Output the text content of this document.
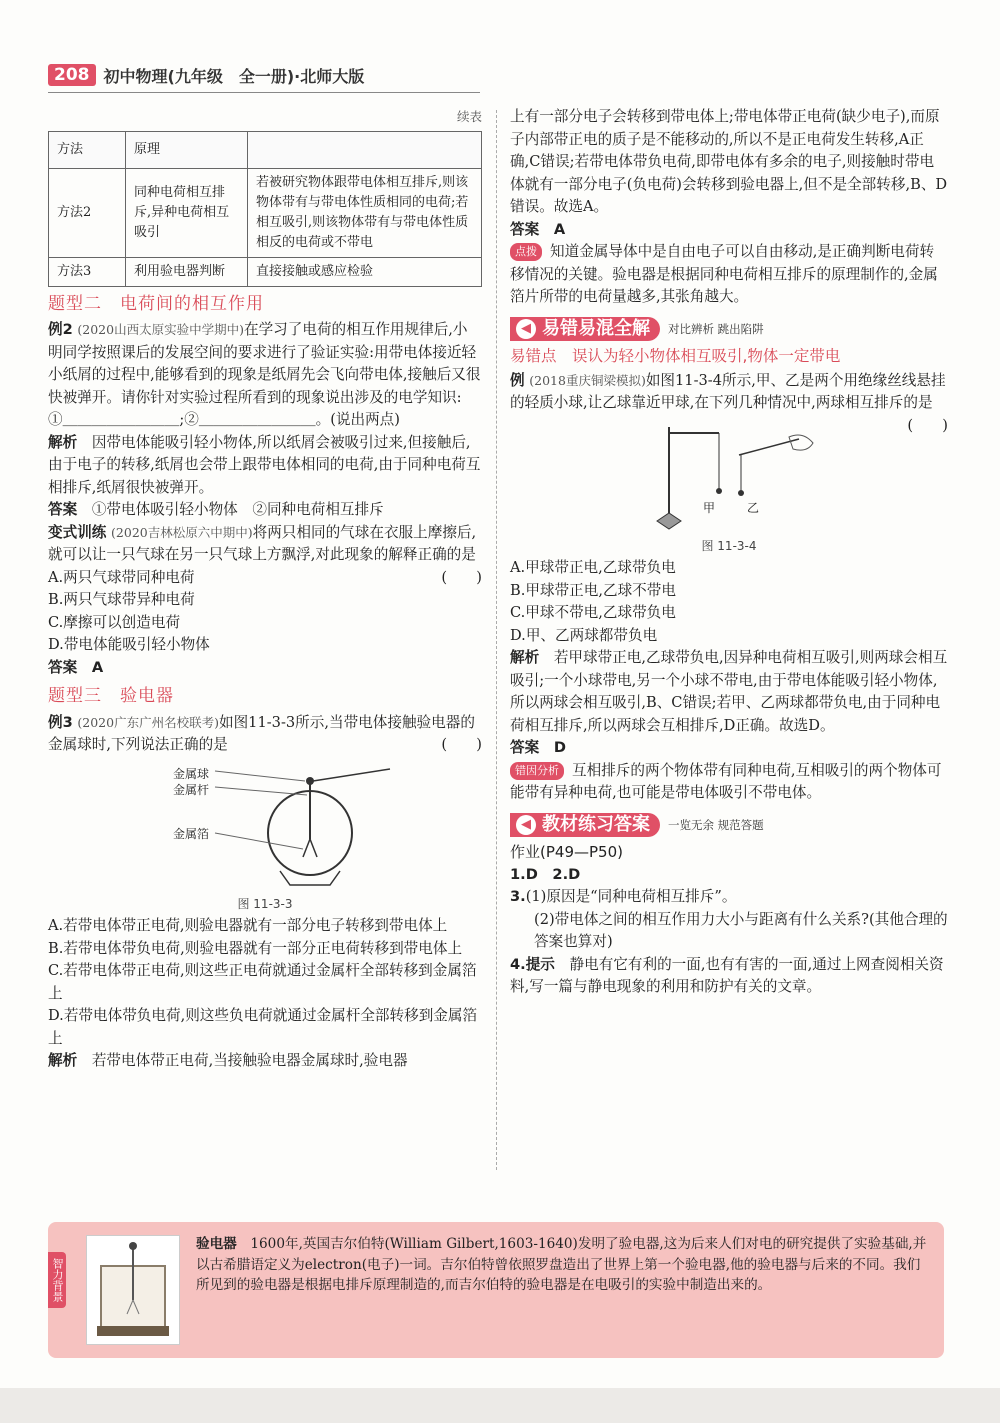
208 初中物理(九年级　全一册)·北师大版

续表

方法	原理	
方法2	同种电荷相互排斥,异种电荷相互吸引	若被研究物体跟带电体相互排斥,则该物体带有与带电体性质相同的电荷;若相互吸引,则该物体带有与带电体性质相反的电荷或不带电
方法3	利用验电器判断	直接接触或感应检验
题型二　电荷间的相互作用

例2 (2020山西太原实验中学期中)在学习了电荷的相互作用规律后,小明同学按照课后的发展空间的要求进行了验证实验:用带电体接近轻小纸屑的过程中,能够看到的现象是纸屑先会飞向带电体,接触后又很快被弹开。请你针对实验过程所看到的现象说出涉及的电学知识:

①＿＿＿＿＿＿＿＿;②＿＿＿＿＿＿＿＿。(说出两点)

解析　 因带电体能吸引轻小物体,所以纸屑会被吸引过来,但接触后,由于电子的转移,纸屑也会带上跟带电体相同的电荷,由于同种电荷互相排斥,纸屑很快被弹开。

答案　 ①带电体吸引轻小物体　②同种电荷相互排斥

变式训练 (2020吉林松原六中期中)将两只相同的气球在衣服上摩擦后,就可以让一只气球在另一只气球上方飘浮,对此现象的解释正确的是
(　　)

A.两只气球带同种电荷

B.两只气球带异种电荷

C.摩擦可以创造电荷

D.带电体能吸引轻小物体

答案　 A

题型三　验电器

例3 (2020广东广州名校联考)如图11-3-3所示,当带电体接触验电器的金属球时,下列说法正确的是	(　　)

金属球
金属杆
金属箔
图 11-3-3

A.若带电体带正电荷,则验电器就有一部分电子转移到带电体上

B.若带电体带负电荷,则验电器就有一部分正电荷转移到带电体上

C.若带电体带正电荷,则这些正电荷就通过金属杆全部转移到金属箔上

D.若带电体带负电荷,则这些负电荷就通过金属杆全部转移到金属箔上

解析　 若带电体带正电荷,当接触验电器金属球时,验电器

上有一部分电子会转移到带电体上;带电体带正电荷(缺少电子),而原子内部带正电的质子是不能移动的,所以不是正电荷发生转移,A正确,C错误;若带电体带负电荷,即带电体有多余的电子,则接触时带电体就有一部分电子(负电荷)会转移到验电器上,但不是全部转移,B、D错误。故选A。

答案　 A

点拨 知道金属导体中是自由电子可以自由移动,是正确判断电荷转移情况的关键。验电器是根据同种电荷相互排斥的原理制作的,金属箔片所带的电荷量越多,其张角越大。

◀ 易错易混全解 对比辨析 跳出陷阱
易错点　误认为轻小物体相互吸引,物体一定带电

例 (2018重庆铜梁模拟)如图11-3-4所示,甲、乙是两个用绝缘丝线悬挂的轻质小球,让乙球靠近甲球,在下列几种情况中,两球相互排斥的是
(　　)

甲	乙
图 11-3-4

A.甲球带正电,乙球带负电

B.甲球带正电,乙球不带电

C.甲球不带电,乙球带负电

D.甲、乙两球都带负电

解析　 若甲球带正电,乙球带负电,因异种电荷相互吸引,则两球会相互吸引;一个小球带电,另一个小球不带电,由于带电体能吸引轻小物体,所以两球会相互吸引,B、C错误;若甲、乙两球都带负电,由于同种电荷相互排斥,所以两球会互相排斥,D正确。故选D。

答案　 D

错因分析 互相排斥的两个物体带有同种电荷,互相吸引的两个物体可能带有异种电荷,也可能是带电体吸引不带电体。

◀ 教材练习答案 一览无余 规范答题

作业(P49—P50)

1.D　 2.D

3.(1)原因是“同种电荷相互排斥”。

(2)带电体之间的相互作用力大小与距离有什么关系?(其他合理的答案也算对)

4.提示　 静电有它有利的一面,也有有害的一面,通过上网查阅相关资料,写一篇与静电现象的利用和防护有关的文章。

智力背景
验电器　 1600年,英国吉尔伯特(William Gilbert,1603-1640)发明了验电器,这为后来人们对电的研究提供了实验基础,并以古希腊语定义为electron(电子)一词。吉尔伯特曾依照罗盘造出了世界上第一个验电器,他的验电器与后来的不同。我们所见到的验电器是根据电排斥原理制造的,而吉尔伯特的验电器是在电吸引的实验中制造出来的。
